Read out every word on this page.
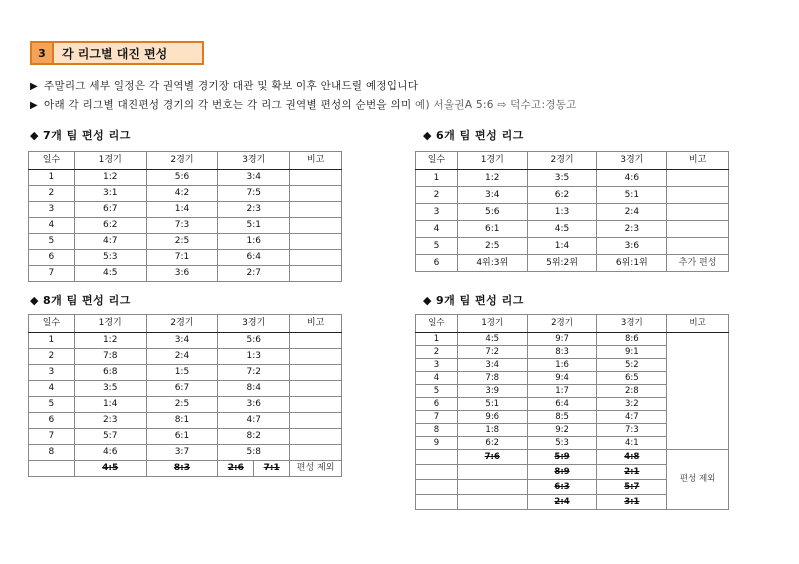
3	각 리그별 대진 편성
▶ 주말리그 세부 일정은 각 권역별 경기장 대관 및 확보 이후 안내드릴 예정입니다
▶ 아래 각 리그별 대진편성 경기의 각 번호는 각 리그 권역별 편성의 순번을 의미 예) 서울권A 5:6 ⇨ 덕수고:경동고
◆ 7개 팀 편성 리그
일수	1경기	2경기	3경기	비고
1	1:2	5:6	3:4	
2	3:1	4:2	7:5	
3	6:7	1:4	2:3	
4	6:2	7:3	5:1	
5	4:7	2:5	1:6	
6	5:3	7:1	6:4	
7	4:5	3:6	2:7	
◆ 6개 팀 편성 리그
일수	1경기	2경기	3경기	비고
1	1:2	3:5	4:6	
2	3:4	6:2	5:1	
3	5:6	1:3	2:4	
4	6:1	4:5	2:3	
5	2:5	1:4	3:6	
6	4위:3위	5위:2위	6위:1위	추가 편성
◆ 8개 팀 편성 리그
일수	1경기	2경기	3경기		비고
1	1:2	3:4	5:6		
2	7:8	2:4	1:3		
3	6:8	1:5	7:2		
4	3:5	6:7	8:4		
5	1:4	2:5	3:6		
6	2:3	8:1	4:7		
7	5:7	6:1	8:2		
8	4:6	3:7	5:8		
	4:5	8:3	2:6	7:1	편성 제외
◆ 9개 팀 편성 리그
일수	1경기	2경기	3경기	비고
1	4:5	9:7	8:6	
2	7:2	8:3	9:1	
3	3:4	1:6	5:2	
4	7:8	9:4	6:5	
5	3:9	1:7	2:8	
6	5:1	6:4	3:2	
7	9:6	8:5	4:7	
8	1:8	9:2	7:3	
9	6:2	5:3	4:1	
	7:6	5:9	4:8	편성 제외
		8:9	2:1	
		6:3	5:7	
		2:4	3:1	
